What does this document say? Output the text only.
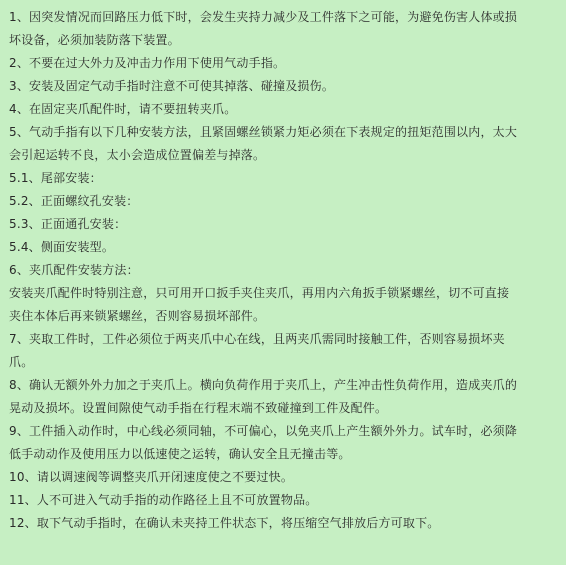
1、因突发情况而回路压力低下时，会发生夹持力减少及工件落下之可能，为避免伤害人体或损
坏设备，必须加装防落下装置。
2、不要在过大外力及冲击力作用下使用气动手指。
3、安装及固定气动手指时注意不可使其掉落、碰撞及损伤。
4、在固定夹爪配件时，请不要扭转夹爪。
5、气动手指有以下几种安装方法，且紧固螺丝锁紧力矩必须在下表规定的扭矩范围以内，太大
会引起运转不良，太小会造成位置偏差与掉落。
5.1、尾部安装：
5.2、正面螺纹孔安装：
5.3、正面通孔安装：
5.4、侧面安装型。
6、夹爪配件安装方法：
安装夹爪配件时特别注意，只可用开口扳手夹住夹爪，再用内六角扳手锁紧螺丝，切不可直接
夹住本体后再来锁紧螺丝，否则容易损坏部件。
7、夹取工件时，工件必须位于两夹爪中心在线，且两夹爪需同时接触工件，否则容易损坏夹
爪。
8、确认无额外外力加之于夹爪上。横向负荷作用于夹爪上，产生冲击性负荷作用，造成夹爪的
晃动及损坏。设置间隙使气动手指在行程末端不致碰撞到工件及配件。
9、工件插入动作时，中心线必须同轴，不可偏心，以免夹爪上产生额外外力。试车时，必须降
低手动动作及使用压力以低速使之运转，确认安全且无撞击等。
10、请以调速阀等调整夹爪开闭速度使之不要过快。
11、人不可进入气动手指的动作路径上且不可放置物品。
12、取下气动手指时，在确认未夹持工件状态下，将压缩空气排放后方可取下。
